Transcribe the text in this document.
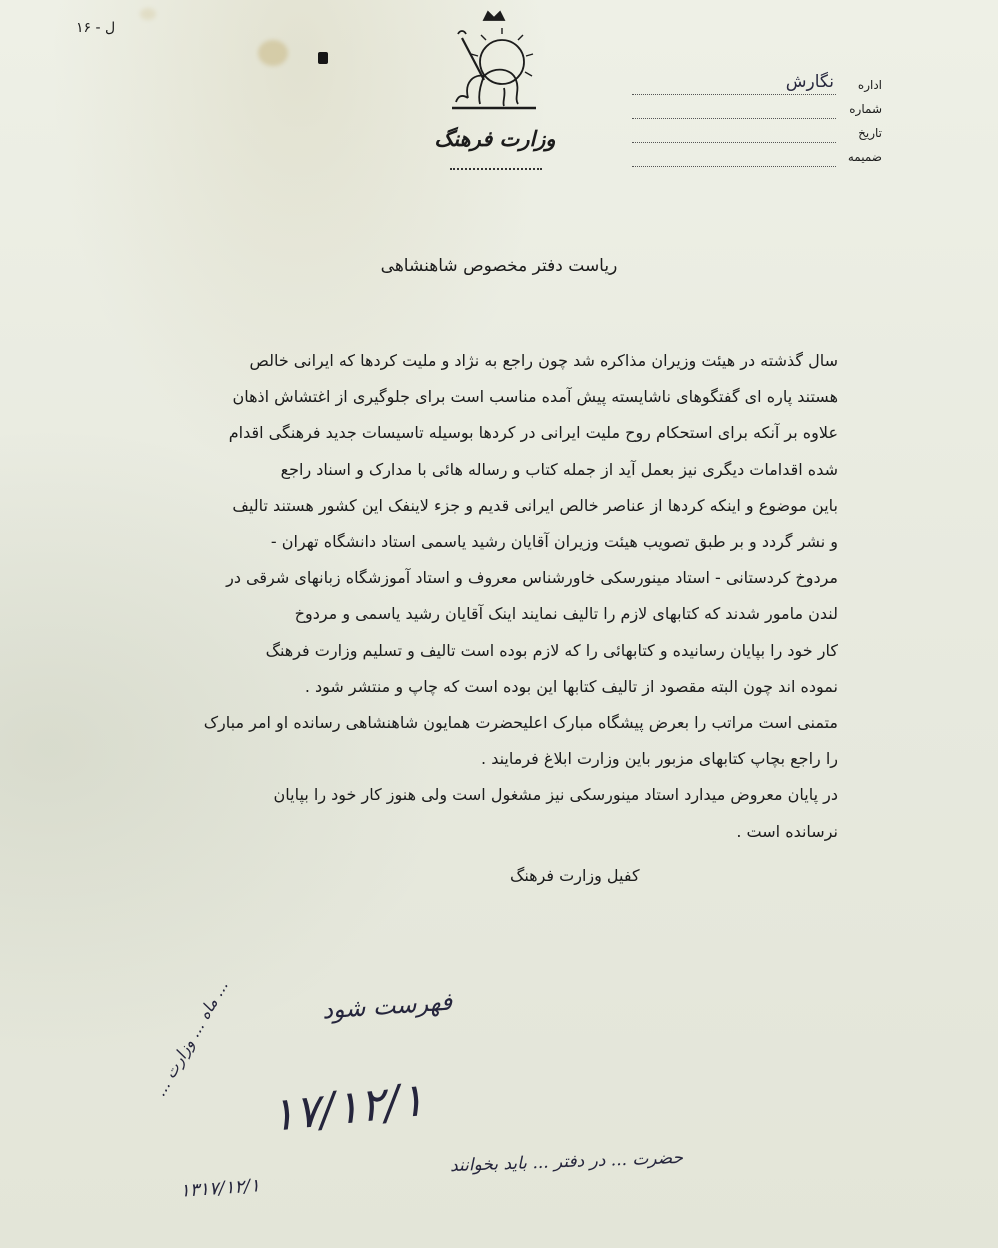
ل - ۱۶
وزارت فرهنگ
اداره
نگارش
شماره
تاریخ
ضمیمه
ریاست دفتر مخصوص شاهنشاهی

سال گذشته در هیئت وزیران مذاکره شد چون راجع به نژاد و ملیت کردها که ایرانی خالص

هستند پاره ای گفتگوهای ناشایسته پیش آمده مناسب است برای جلوگیری از اغتشاش اذهان

علاوه بر آنکه برای استحکام روح ملیت ایرانی در کردها بوسیله تاسیسات جدید فرهنگی اقدام

شده اقدامات دیگری نیز بعمل آید از جمله کتاب و رساله هائی با مدارک و اسناد راجع

باین موضوع و اینکه کردها از عناصر خالص ایرانی قدیم و جزء لاینفک این کشور هستند تالیف

و نشر گردد و بر طبق تصویب هیئت وزیران آقایان رشید یاسمی استاد دانشگاه تهران -

مردوخ کردستانی - استاد مینورسکی خاورشناس معروف و استاد آموزشگاه زبانهای شرقی در

لندن مامور شدند که کتابهای لازم را تالیف نمایند اینک آقایان رشید یاسمی و مردوخ

کار خود را بپایان رسانیده و کتابهائی را که لازم بوده است تالیف و تسلیم وزارت فرهنگ

نموده اند چون البته مقصود از تالیف کتابها این بوده است که چاپ و منتشر شود .

متمنی است مراتب را بعرض پیشگاه مبارک اعلیحضرت همایون شاهنشاهی رسانده او امر مبارک

را راجع بچاپ کتابهای مزبور باین وزارت ابلاغ فرمایند .

در پایان معروض میدارد استاد مینورسکی نیز مشغول است ولی هنوز کار خود را بپایان

نرسانده است .

کفیل وزارت فرهنگ
فهرست شود
۱۷/۱۲/۱
حضرت ... در دفتر ... باید بخوانند
... ماه ... وزارت ...
۱۳۱۷/۱۲/۱
